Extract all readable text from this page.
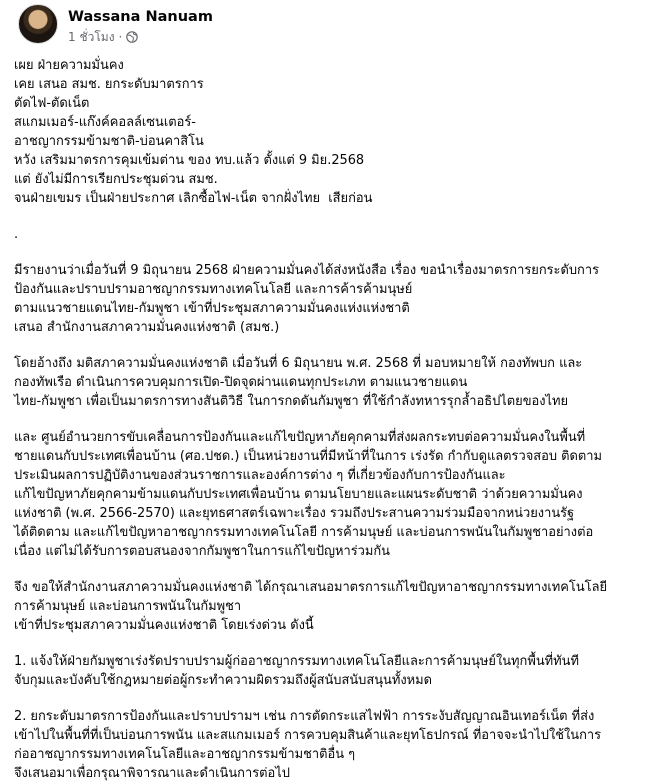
Wassana Nanuam
1 ชั่วโมง ·

เผย ฝ่ายความมั่นคง

เคย เสนอ สมช. ยกระดับมาตรการ

ตัดไฟ-ตัดเน็ต

สแกมเมอร์-แก๊งค์คอลล์เซนเตอร์-

อาชญากรรมข้ามชาติ-บ่อนคาสิโน

หวัง เสริมมาตรการคุมเข้มต่าน ของ ทบ.แล้ว ตั้งแต่ 9 มิย.2568

แต่ ยังไม่มีการเรียกประชุมด่วน สมช.

จนฝ่ายเขมร เป็นฝ่ายประกาศ เลิกซื้อไฟ-เน็ต จากฝั่งไทย  เสียก่อน

.

มีรายงานว่าเมื่อวันที่ 9 มิถุนายน 2568 ฝ่ายความมั่นคงได้ส่งหนังสือ เรื่อง ขอนำเรื่องมาตรการยกระดับการ

ป้องกันและปราบปรามอาชญากรรมทางเทคโนโลยี และการค้ารค้ามนุษย์

ตามแนวชายแดนไทย-กัมพูชา เข้าที่ประชุมสภาความมั่นคงแห่งแห่งชาติ

เสนอ สำนักงานสภาความมั่นคงแห่งชาติ (สมช.)

โดยอ้างถึง มติสภาความมั่นคงแห่งชาติ เมื่อวันที่ 6 มิถุนายน พ.ศ. 2568 ที่ มอบหมายให้ กองทัพบก และ

กองทัพเรือ ดำเนินการควบคุมการเปิด-ปิดจุดผ่านแดนทุกประเภท ตามแนวชายแดน

ไทย-กัมพูชา เพื่อเป็นมาตรการทางสันติวิธี ในการกดดันกัมพูชา ที่ใช้กำลังทหารรุกล้ำอธิปไตยของไทย

และ ศูนย์อำนวยการขับเคลื่อนการป้องกันและแก้ไขปัญหาภัยคุกคามที่ส่งผลกระทบต่อความมั่นคงในพื้นที่

ชายแดนกับประเทศเพื่อนบ้าน (ศอ.ปชด.) เป็นหน่วยงานที่มีหน้าที่ในการ เร่งรัด กำกับดูแลตรวจสอบ ติดตาม

ประเมินผลการปฏิบัติงานของส่วนราชการและองค์การต่าง ๆ ที่เกี่ยวข้องกับการป้องกันและ

แก้ไขปัญหาภัยคุกคามข้ามแดนกับประเทศเพื่อนบ้าน ตามนโยบายและแผนระดับชาติ ว่าด้วยความมั่นคง

แห่งชาติ (พ.ศ. 2566-2570) และยุทธศาสตร์เฉพาะเรื่อง รวมถึงประสานความร่วมมือจากหน่วยงานรัฐ

ได้ติดตาม และแก้ไขปัญหาอาชญากรรมทางเทคโนโลยี การค้ามนุษย์ และบ่อนการพนันในกัมพูชาอย่างต่อ

เนื่อง แต่ไม่ได้รับการตอบสนองจากกัมพูชาในการแก้ไขปัญหาร่วมกัน

จึง ขอให้สำนักงานสภาความมั่นคงแห่งชาติ ได้กรุณาเสนอมาตรการแก้ไขปัญหาอาชญากรรมทางเทคโนโลยี

การค้ามนุษย์ และบ่อนการพนันในกัมพูชา

เข้าที่ประชุมสภาความมั่นคงแห่งชาติ โดยเร่งด่วน ดังนี้

1. แจ้งให้ฝ่ายกัมพูชาเร่งรัดปราบปรามผู้ก่ออาชญากรรมทางเทคโนโลยีและการค้ามนุษย์ในทุกพื้นที่ทันที

จับกุมและบังคับใช้กฎหมายต่อผู้กระทำความผิดรวมถึงผู้สนับสนับสนุนทั้งหมด

2. ยกระดับมาตรการป้องกันและปราบปรามฯ เช่น การตัดกระแสไฟฟ้า การระงับสัญญาณอินเทอร์เน็ต ที่ส่ง

เข้าไปในพื้นที่ที่เป็นบ่อนการพนัน และสแกมเมอร์ การควบคุมสินค้าและยุทโธปกรณ์ ที่อาจจะนำไปใช้ในการ

ก่ออาชญากรรมทางเทคโนโลยีและอาชญากรรมข้ามชาติอื่น ๆ

จึงเสนอมาเพื่อกรุณาพิจารณาและดำเนินการต่อไป
